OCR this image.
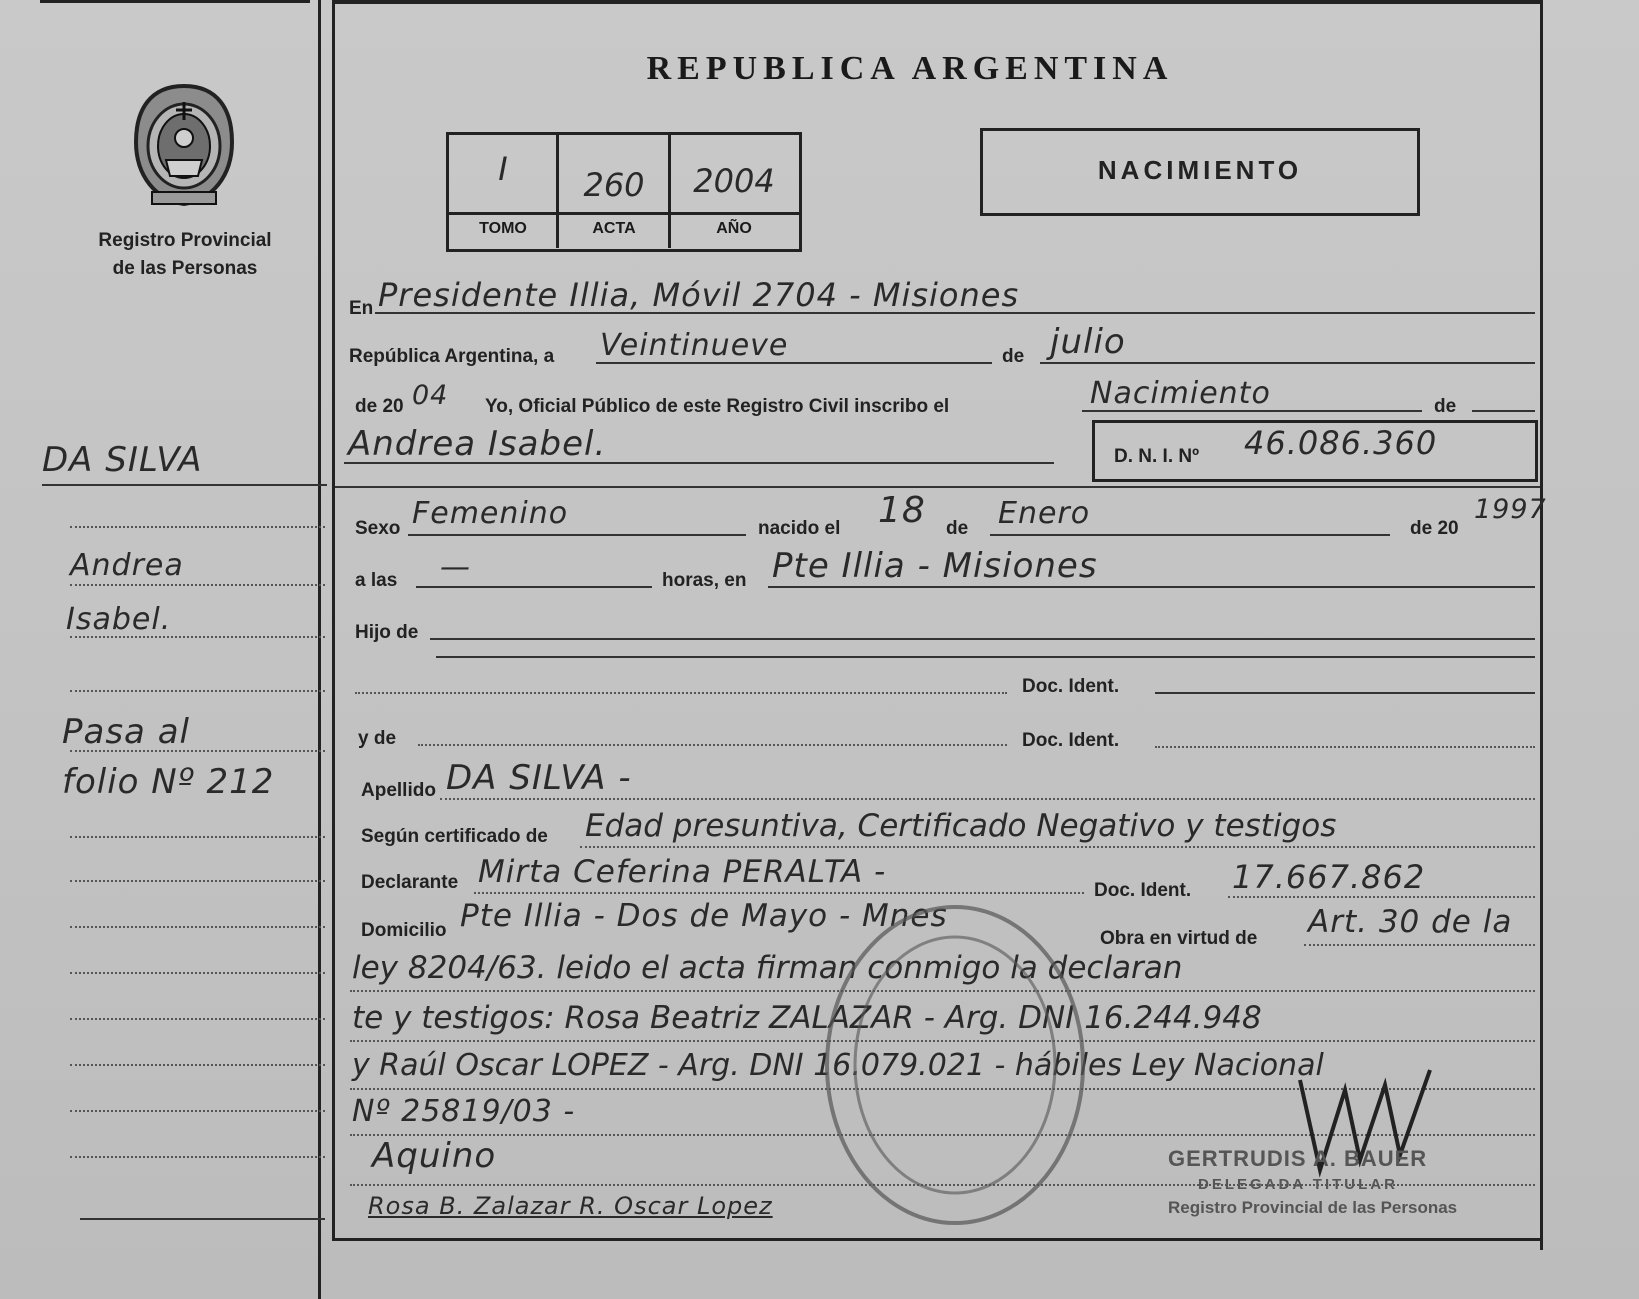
Registro Provincial
de las Personas
REPUBLICA ARGENTINA
I	260	2004
TOMO	ACTA	AÑO
NACIMIENTO
DA SILVA
Andrea
Isabel.
Pasa al
folio Nº 212
En Presidente Illia, Móvil 2704 - Misiones
República Argentina, a Veintinueve	de julio
de 20 04 Yo, Oficial Público de este Registro Civil inscribo el	Nacimiento	de
Andrea Isabel.	D. N. I. Nº 46.086.360
Sexo Femenino	nacido el 18 de Enero	de 20
1997
a las —	horas, en Pte Illia - Misiones
Hijo de
Doc. Ident.
y de	Doc. Ident.
Apellido DA SILVA -
Según certificado de Edad presuntiva, Certificado Negativo y testigos
Declarante Mirta Ceferina PERALTA -
Doc. Ident. 17.667.862
Domicilio Pte Illia - Dos de Mayo - Mnes
Obra en virtud de Art. 30 de la
ley 8204/63. leido el acta firman conmigo la declaran
te y testigos: Rosa Beatriz ZALAZAR - Arg. DNI 16.244.948
y Raúl Oscar LOPEZ - Arg. DNI 16.079.021 - hábiles Ley Nacional
Nº 25819/03 -
Aquino
Rosa B. Zalazar R. Oscar Lopez
GERTRUDIS A. BAUER
DELEGADA TITULAR
Registro Provincial de las Personas
